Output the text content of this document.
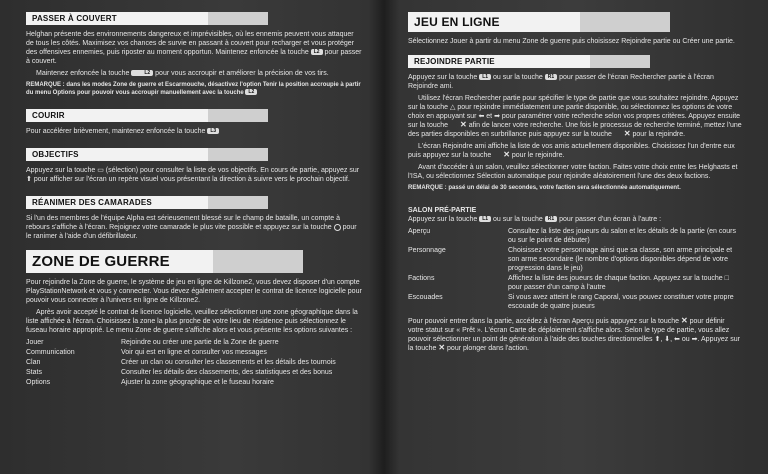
PASSER À COUVERT

Helghan présente des environnements dangereux et imprévisibles, où les ennemis peuvent vous attaquer de tous les côtés. Maximisez vos chances de survie en passant à couvert pour recharger et vous protéger des offensives ennemies, puis riposter au moment opportun. Maintenez enfoncée la touche L2 pour passer à couvert.

Maintenez enfoncée la touche	L2 pour vous accroupir et améliorer la précision de vos tirs.

REMARQUE : dans les modes Zone de guerre et Escarmouche, désactivez l'option Tenir la position accroupie à partir du menu Options pour pouvoir vous accroupir manuellement avec la touche L2

COURIR

Pour accélérer brièvement, maintenez enfoncée la touche L3

OBJECTIFS

Appuyez sur la touche ▭ (sélection) pour consulter la liste de vos objectifs. En cours de partie, appuyez sur ⬆ pour afficher sur l'écran un repère visuel vous présentant la direction à suivre vers le prochain objectif.

RÉANIMER DES CAMARADES

Si l'un des membres de l'équipe Alpha est sérieusement blessé sur le champ de bataille, un compte à rebours s'affiche à l'écran. Rejoignez votre camarade le plus vite possible et appuyez sur la touche pour le ranimer à l'aide d'un défibrillateur.

ZONE DE GUERRE

Pour rejoindre la Zone de guerre, le système de jeu en ligne de Killzone2, vous devez disposer d'un compte PlayStationNetwork et vous y connecter. Vous devez également accepter le contrat de licence logicielle pour pouvoir vous connecter à l'univers en ligne de Killzone2.

Après avoir accepté le contrat de licence logicielle, veuillez sélectionner une zone géographique dans la liste affichée à l'écran. Choisissez la zone la plus proche de votre lieu de résidence puis sélectionnez le fuseau horaire approprié. Le menu Zone de guerre s'affiche alors et vous présente les options suivantes :

Jouer	Rejoindre ou créer une partie de la Zone de guerre
Communication	Voir qui est en ligne et consulter vos messages
Clan	Créer un clan ou consulter les classements et les détails des tournois
Stats	Consulter les détails des classements, des statistiques et des bonus
Options	Ajuster la zone géographique et le fuseau horaire
JEU EN LIGNE

Sélectionnez Jouer à partir du menu Zone de guerre puis choisissez Rejoindre partie ou Créer une partie.

REJOINDRE PARTIE

Appuyez sur la touche L1 ou sur la touche R1 pour passer de l'écran Rechercher partie à l'écran Rejoindre ami.

Utilisez l'écran Rechercher partie pour spécifier le type de partie que vous souhaitez rejoindre. Appuyez sur la touche △ pour rejoindre immédiatement une partie disponible, ou sélectionnez les options de votre choix en appuyant sur ⬅ et ➡ pour paramétrer votre recherche selon vos propres critères. Appuyez ensuite sur la touche ✕ afin de lancer votre recherche. Une fois le processus de recherche terminé, mettez l'une des parties disponibles en surbrillance puis appuyez sur la touche ✕ pour la rejoindre.

L'écran Rejoindre ami affiche la liste de vos amis actuellement disponibles. Choisissez l'un d'entre eux puis appuyez sur la touche ✕ pour le rejoindre.

Avant d'accéder à un salon, veuillez sélectionner votre faction. Faites votre choix entre les Helghasts et l'ISA, ou sélectionnez Sélection automatique pour rejoindre aléatoirement l'une des deux factions.

REMARQUE : passé un délai de 30 secondes, votre faction sera sélectionnée automatiquement.

SALON PRÉ-PARTIE

Appuyez sur la touche L1 ou sur la touche R1 pour passer d'un écran à l'autre :

Aperçu	Consultez la liste des joueurs du salon et les détails de la partie (en cours ou sur le point de débuter)
Personnage	Choisissez votre personnage ainsi que sa classe, son arme principale et son arme secondaire (le nombre d'options disponibles dépend de votre progression dans le jeu)
Factions	Affichez la liste des joueurs de chaque faction. Appuyez sur la touche □ pour passer d'un camp à l'autre
Escouades	Si vous avez atteint le rang Caporal, vous pouvez constituer votre propre escouade de quatre joueurs

Pour pouvoir entrer dans la partie, accédez à l'écran Aperçu puis appuyez sur la touche ✕ pour définir votre statut sur « Prêt ». L'écran Carte de déploiement s'affiche alors. Selon le type de partie, vous allez pouvoir sélectionner un point de génération à l'aide des touches directionnelles ⬆, ⬇, ⬅ ou ➡. Appuyez sur la touche ✕ pour plonger dans l'action.
